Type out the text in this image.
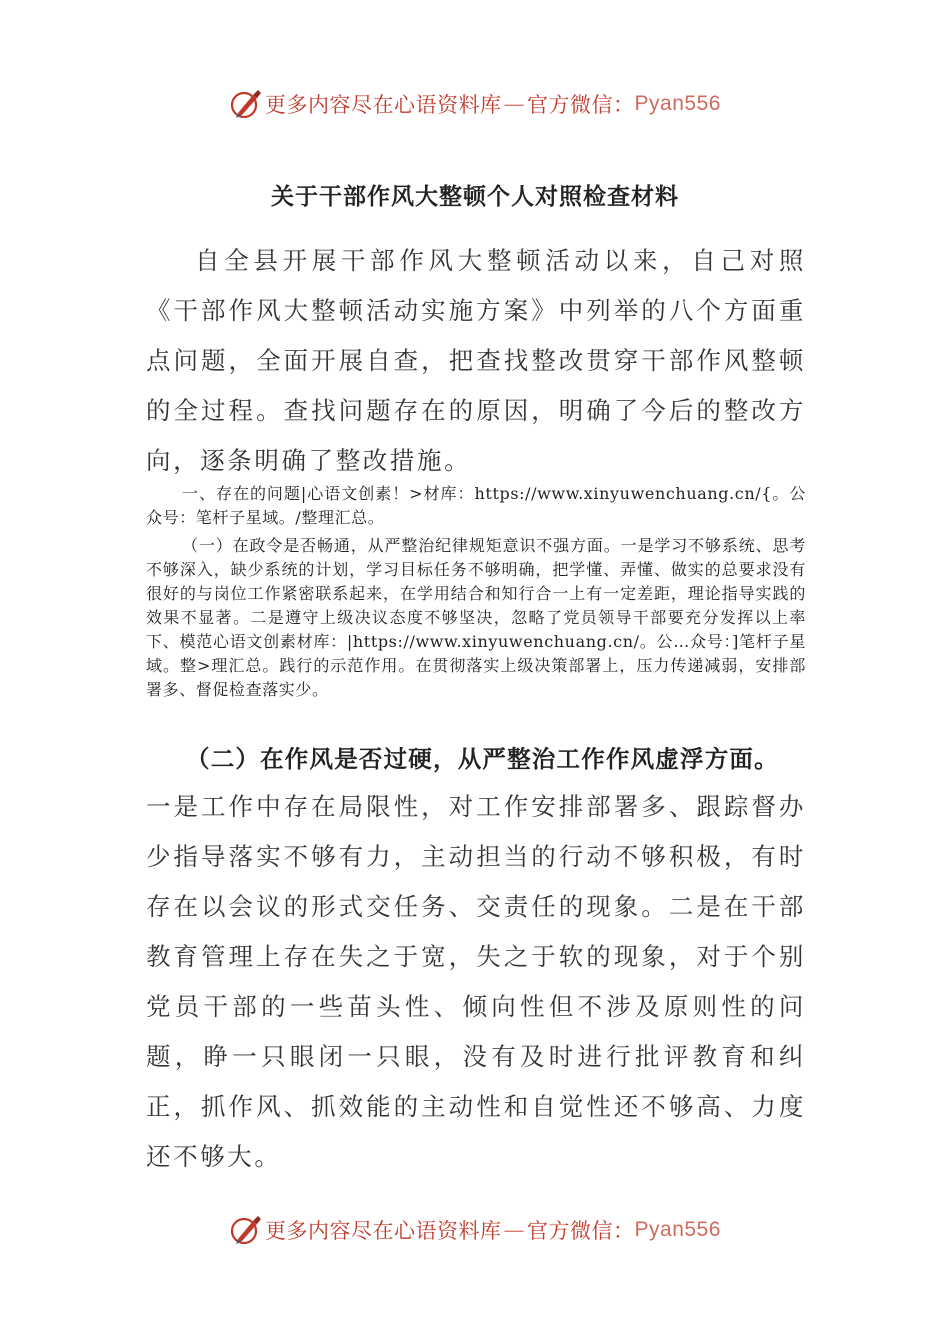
更多内容尽在心语资料库 — 官方微信： Pyan556
关于干部作风大整顿个人对照检查材料

自全县开展干部作风大整顿活动以来，自己对照《干部作风大整顿活动实施方案》中列举的八个方面重点问题，全面开展自查，把查找整改贯穿干部作风整顿的全过程。查找问题存在的原因，明确了今后的整改方向，逐条明确了整改措施。

一、存在的问题|心语文创素！>材库：https://www.xinyuwenchuang.cn/{。公众号：笔杆子星域。/整理汇总。

（一）在政令是否畅通，从严整治纪律规矩意识不强方面。一是学习不够系统、思考不够深入，缺少系统的计划，学习目标任务不够明确，把学懂、弄懂、做实的总要求没有很好的与岗位工作紧密联系起来，在学用结合和知行合一上有一定差距，理论指导实践的效果不显著。二是遵守上级决议态度不够坚决，忽略了党员领导干部要充分发挥以上率下、模范心语文创素材库：|https://www.xinyuwenchuang.cn/。公…众号：]笔杆子星域。整>理汇总。践行的示范作用。在贯彻落实上级决策部署上，压力传递减弱，安排部署多、督促检查落实少。

（二）在作风是否过硬，从严整治工作作风虚浮方面。

一是工作中存在局限性，对工作安排部署多、跟踪督办少指导落实不够有力，主动担当的行动不够积极，有时存在以会议的形式交任务、交责任的现象。二是在干部教育管理上存在失之于宽，失之于软的现象，对于个别党员干部的一些苗头性、倾向性但不涉及原则性的问题，睁一只眼闭一只眼，没有及时进行批评教育和纠正，抓作风、抓效能的主动性和自觉性还不够高、力度还不够大。

更多内容尽在心语资料库 — 官方微信： Pyan556
